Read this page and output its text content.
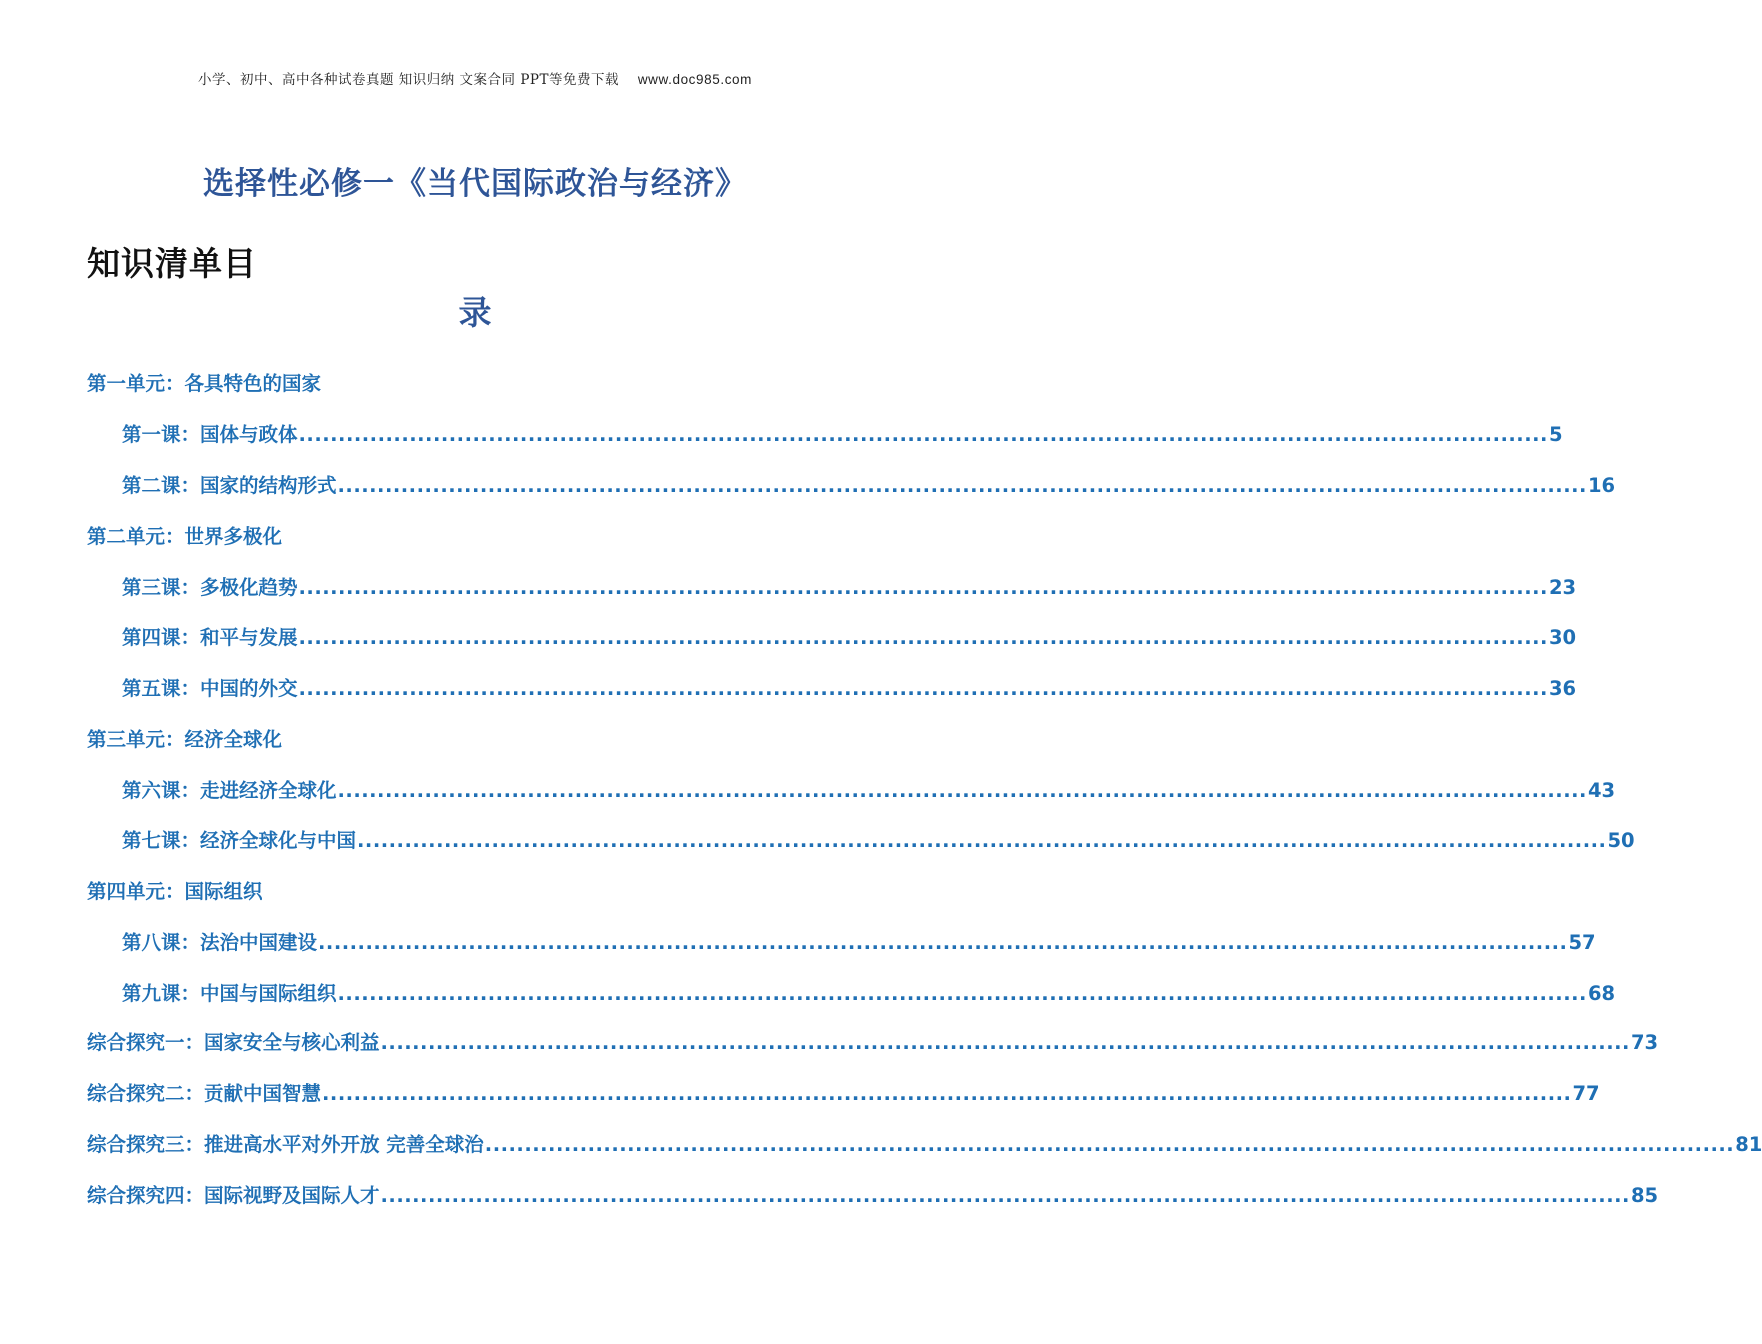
小学、初中、高中各种试卷真题 知识归纳 文案合同 PPT等免费下载 www.doc985.com
选择性必修一《当代国际政治与经济》
知识清单目
录
第一单元：各具特色的国家
第一课：国体与政体 .............................................................................................................................................................. 5
第二课：国家的结构形式 .............................................................................................................................................................. 16
第二单元：世界多极化
第三课：多极化趋势 .............................................................................................................................................................. 23
第四课：和平与发展 .............................................................................................................................................................. 30
第五课：中国的外交 .............................................................................................................................................................. 36
第三单元：经济全球化
第六课：走进经济全球化 .............................................................................................................................................................. 43
第七课：经济全球化与中国 .............................................................................................................................................................. 50
第四单元：国际组织
第八课：法治中国建设 .............................................................................................................................................................. 57
第九课：中国与国际组织 .............................................................................................................................................................. 68
综合探究一：国家安全与核心利益 .............................................................................................................................................................. 73
综合探究二：贡献中国智慧 .............................................................................................................................................................. 77
综合探究三：推进高水平对外开放 完善全球治 .............................................................................................................................................................. 81
综合探究四：国际视野及国际人才 .............................................................................................................................................................. 85
